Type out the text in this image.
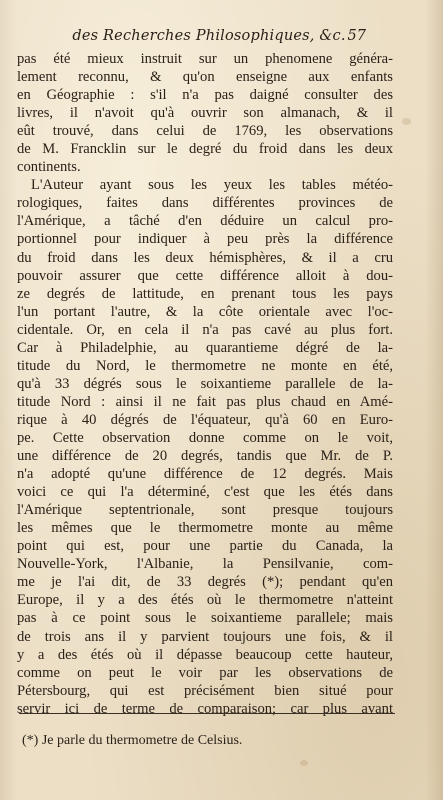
des Recherches Philosophiques, &c. 57
pas été mieux instruit sur un phenomene généra-
lement reconnu, & qu'on enseigne aux enfants
en Géographie : s'il n'a pas daigné consulter des
livres, il n'avoit qu'à ouvrir son almanach, & il
eût trouvé, dans celui de 1769, les observations
de M. Francklin sur le degré du froid dans les deux
continents.
L'Auteur ayant sous les yeux les tables météo-
rologiques, faites dans différentes provinces de
l'Amérique, a tâché d'en déduire un calcul pro-
portionnel pour indiquer à peu près la différence
du froid dans les deux hémisphères, & il a cru
pouvoir assurer que cette différence alloit à dou-
ze degrés de lattitude, en prenant tous les pays
l'un portant l'autre, & la côte orientale avec l'oc-
cidentale. Or, en cela il n'a pas cavé au plus fort.
Car à Philadelphie, au quarantieme dégré de la-
titude du Nord, le thermometre ne monte en été,
qu'à 33 dégrés sous le soixantieme parallele de la-
titude Nord : ainsi il ne fait pas plus chaud en Amé-
rique à 40 dégrés de l'équateur, qu'à 60 en Euro-
pe. Cette observation donne comme on le voit,
une différence de 20 degrés, tandis que Mr. de P.
n'a adopté qu'une différence de 12 degrés. Mais
voici ce qui l'a déterminé, c'est que les étés dans
l'Amérique septentrionale, sont presque toujours
les mêmes que le thermometre monte au même
point qui est, pour une partie du Canada, la
Nouvelle-York, l'Albanie, la Pensilvanie, com-
me je l'ai dit, de 33 degrés (*); pendant qu'en
Europe, il y a des étés où le thermometre n'atteint
pas à ce point sous le soixantieme parallele; mais
de trois ans il y parvient toujours une fois, & il
y a des étés où il dépasse beaucoup cette hauteur,
comme on peut le voir par les observations de
Pétersbourg, qui est précisément bien situé pour
servir ici de terme de comparaison; car plus avant
(*) Je parle du thermometre de Celsius.
